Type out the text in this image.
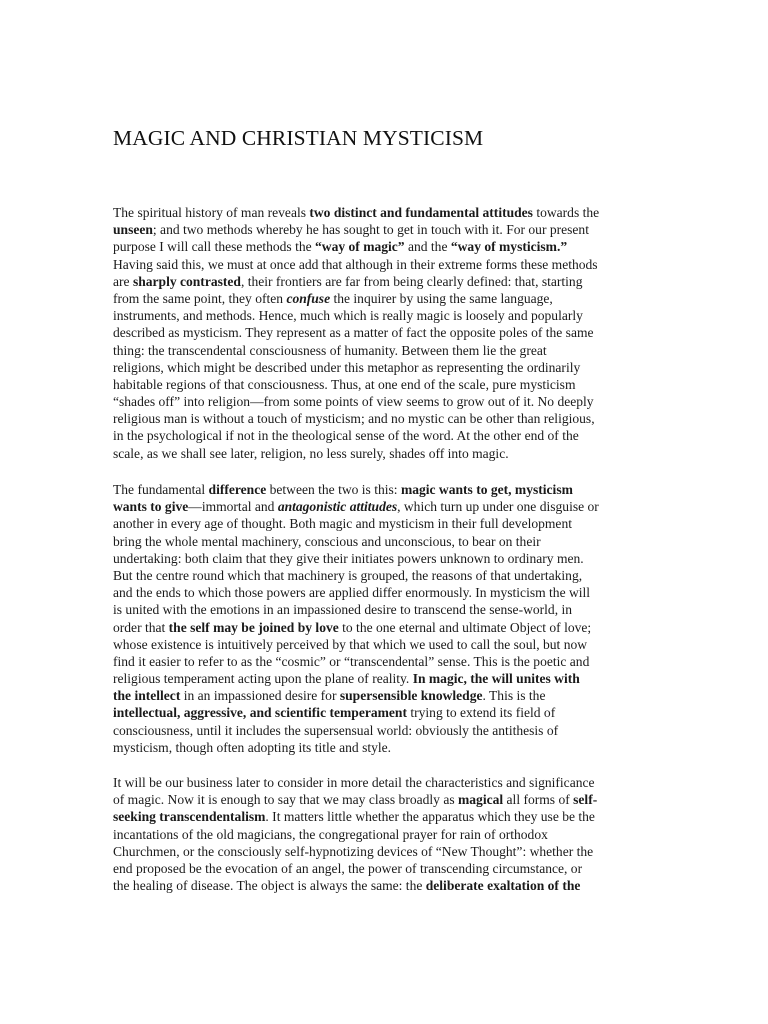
MAGIC AND CHRISTIAN MYSTICISM
The spiritual history of man reveals two distinct and fundamental attitudes towards the
unseen; and two methods whereby he has sought to get in touch with it. For our present
purpose I will call these methods the “way of magic” and the “way of mysticism.”
Having said this, we must at once add that although in their extreme forms these methods
are sharply contrasted, their frontiers are far from being clearly defined: that, starting
from the same point, they often confuse the inquirer by using the same language,
instruments, and methods. Hence, much which is really magic is loosely and popularly
described as mysticism. They represent as a matter of fact the opposite poles of the same
thing: the transcendental consciousness of humanity. Between them lie the great
religions, which might be described under this metaphor as representing the ordinarily
habitable regions of that consciousness. Thus, at one end of the scale, pure mysticism
“shades off” into religion—from some points of view seems to grow out of it. No deeply
religious man is without a touch of mysticism; and no mystic can be other than religious,
in the psychological if not in the theological sense of the word. At the other end of the
scale, as we shall see later, religion, no less surely, shades off into magic.
The fundamental difference between the two is this: magic wants to get, mysticism
wants to give—immortal and antagonistic attitudes, which turn up under one disguise or
another in every age of thought. Both magic and mysticism in their full development
bring the whole mental machinery, conscious and unconscious, to bear on their
undertaking: both claim that they give their initiates powers unknown to ordinary men.
But the centre round which that machinery is grouped, the reasons of that undertaking,
and the ends to which those powers are applied differ enormously. In mysticism the will
is united with the emotions in an impassioned desire to transcend the sense-world, in
order that the self may be joined by love to the one eternal and ultimate Object of love;
whose existence is intuitively perceived by that which we used to call the soul, but now
find it easier to refer to as the “cosmic” or “transcendental” sense. This is the poetic and
religious temperament acting upon the plane of reality. In magic, the will unites with
the intellect in an impassioned desire for supersensible knowledge. This is the
intellectual, aggressive, and scientific temperament trying to extend its field of
consciousness, until it includes the supersensual world: obviously the antithesis of
mysticism, though often adopting its title and style.
It will be our business later to consider in more detail the characteristics and significance
of magic. Now it is enough to say that we may class broadly as magical all forms of self-
seeking transcendentalism. It matters little whether the apparatus which they use be the
incantations of the old magicians, the congregational prayer for rain of orthodox
Churchmen, or the consciously self-hypnotizing devices of “New Thought”: whether the
end proposed be the evocation of an angel, the power of transcending circumstance, or
the healing of disease. The object is always the same: the deliberate exaltation of the
